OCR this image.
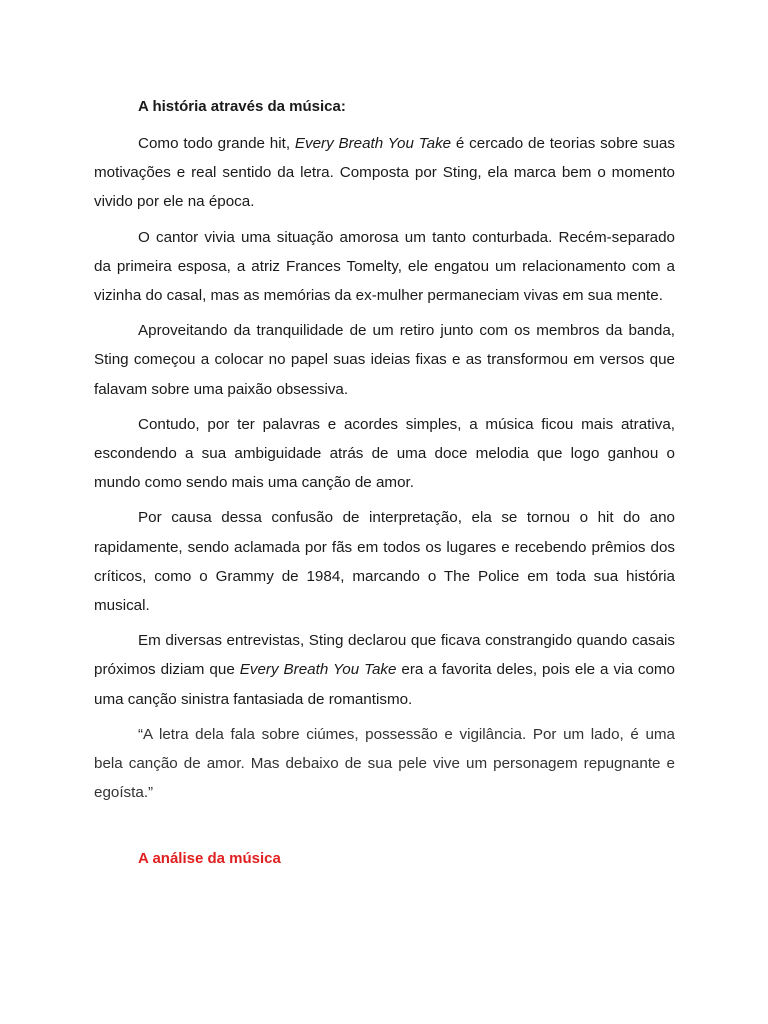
A história através da música:

Como todo grande hit, Every Breath You Take é cercado de teorias sobre suas motivações e real sentido da letra. Composta por Sting, ela marca bem o momento vivido por ele na época.

O cantor vivia uma situação amorosa um tanto conturbada. Recém-separado da primeira esposa, a atriz Frances Tomelty, ele engatou um relacionamento com a vizinha do casal, mas as memórias da ex-mulher permaneciam vivas em sua mente.

Aproveitando da tranquilidade de um retiro junto com os membros da banda, Sting começou a colocar no papel suas ideias fixas e as transformou em versos que falavam sobre uma paixão obsessiva.

Contudo, por ter palavras e acordes simples, a música ficou mais atrativa, escondendo a sua ambiguidade atrás de uma doce melodia que logo ganhou o mundo como sendo mais uma canção de amor.

Por causa dessa confusão de interpretação, ela se tornou o hit do ano rapidamente, sendo aclamada por fãs em todos os lugares e recebendo prêmios dos críticos, como o Grammy de 1984, marcando o The Police em toda sua história musical.

Em diversas entrevistas, Sting declarou que ficava constrangido quando casais próximos diziam que Every Breath You Take era a favorita deles, pois ele a via como uma canção sinistra fantasiada de romantismo.

“A letra dela fala sobre ciúmes, possessão e vigilância. Por um lado, é uma bela canção de amor. Mas debaixo de sua pele vive um personagem repugnante e egoísta.”

A análise da música
